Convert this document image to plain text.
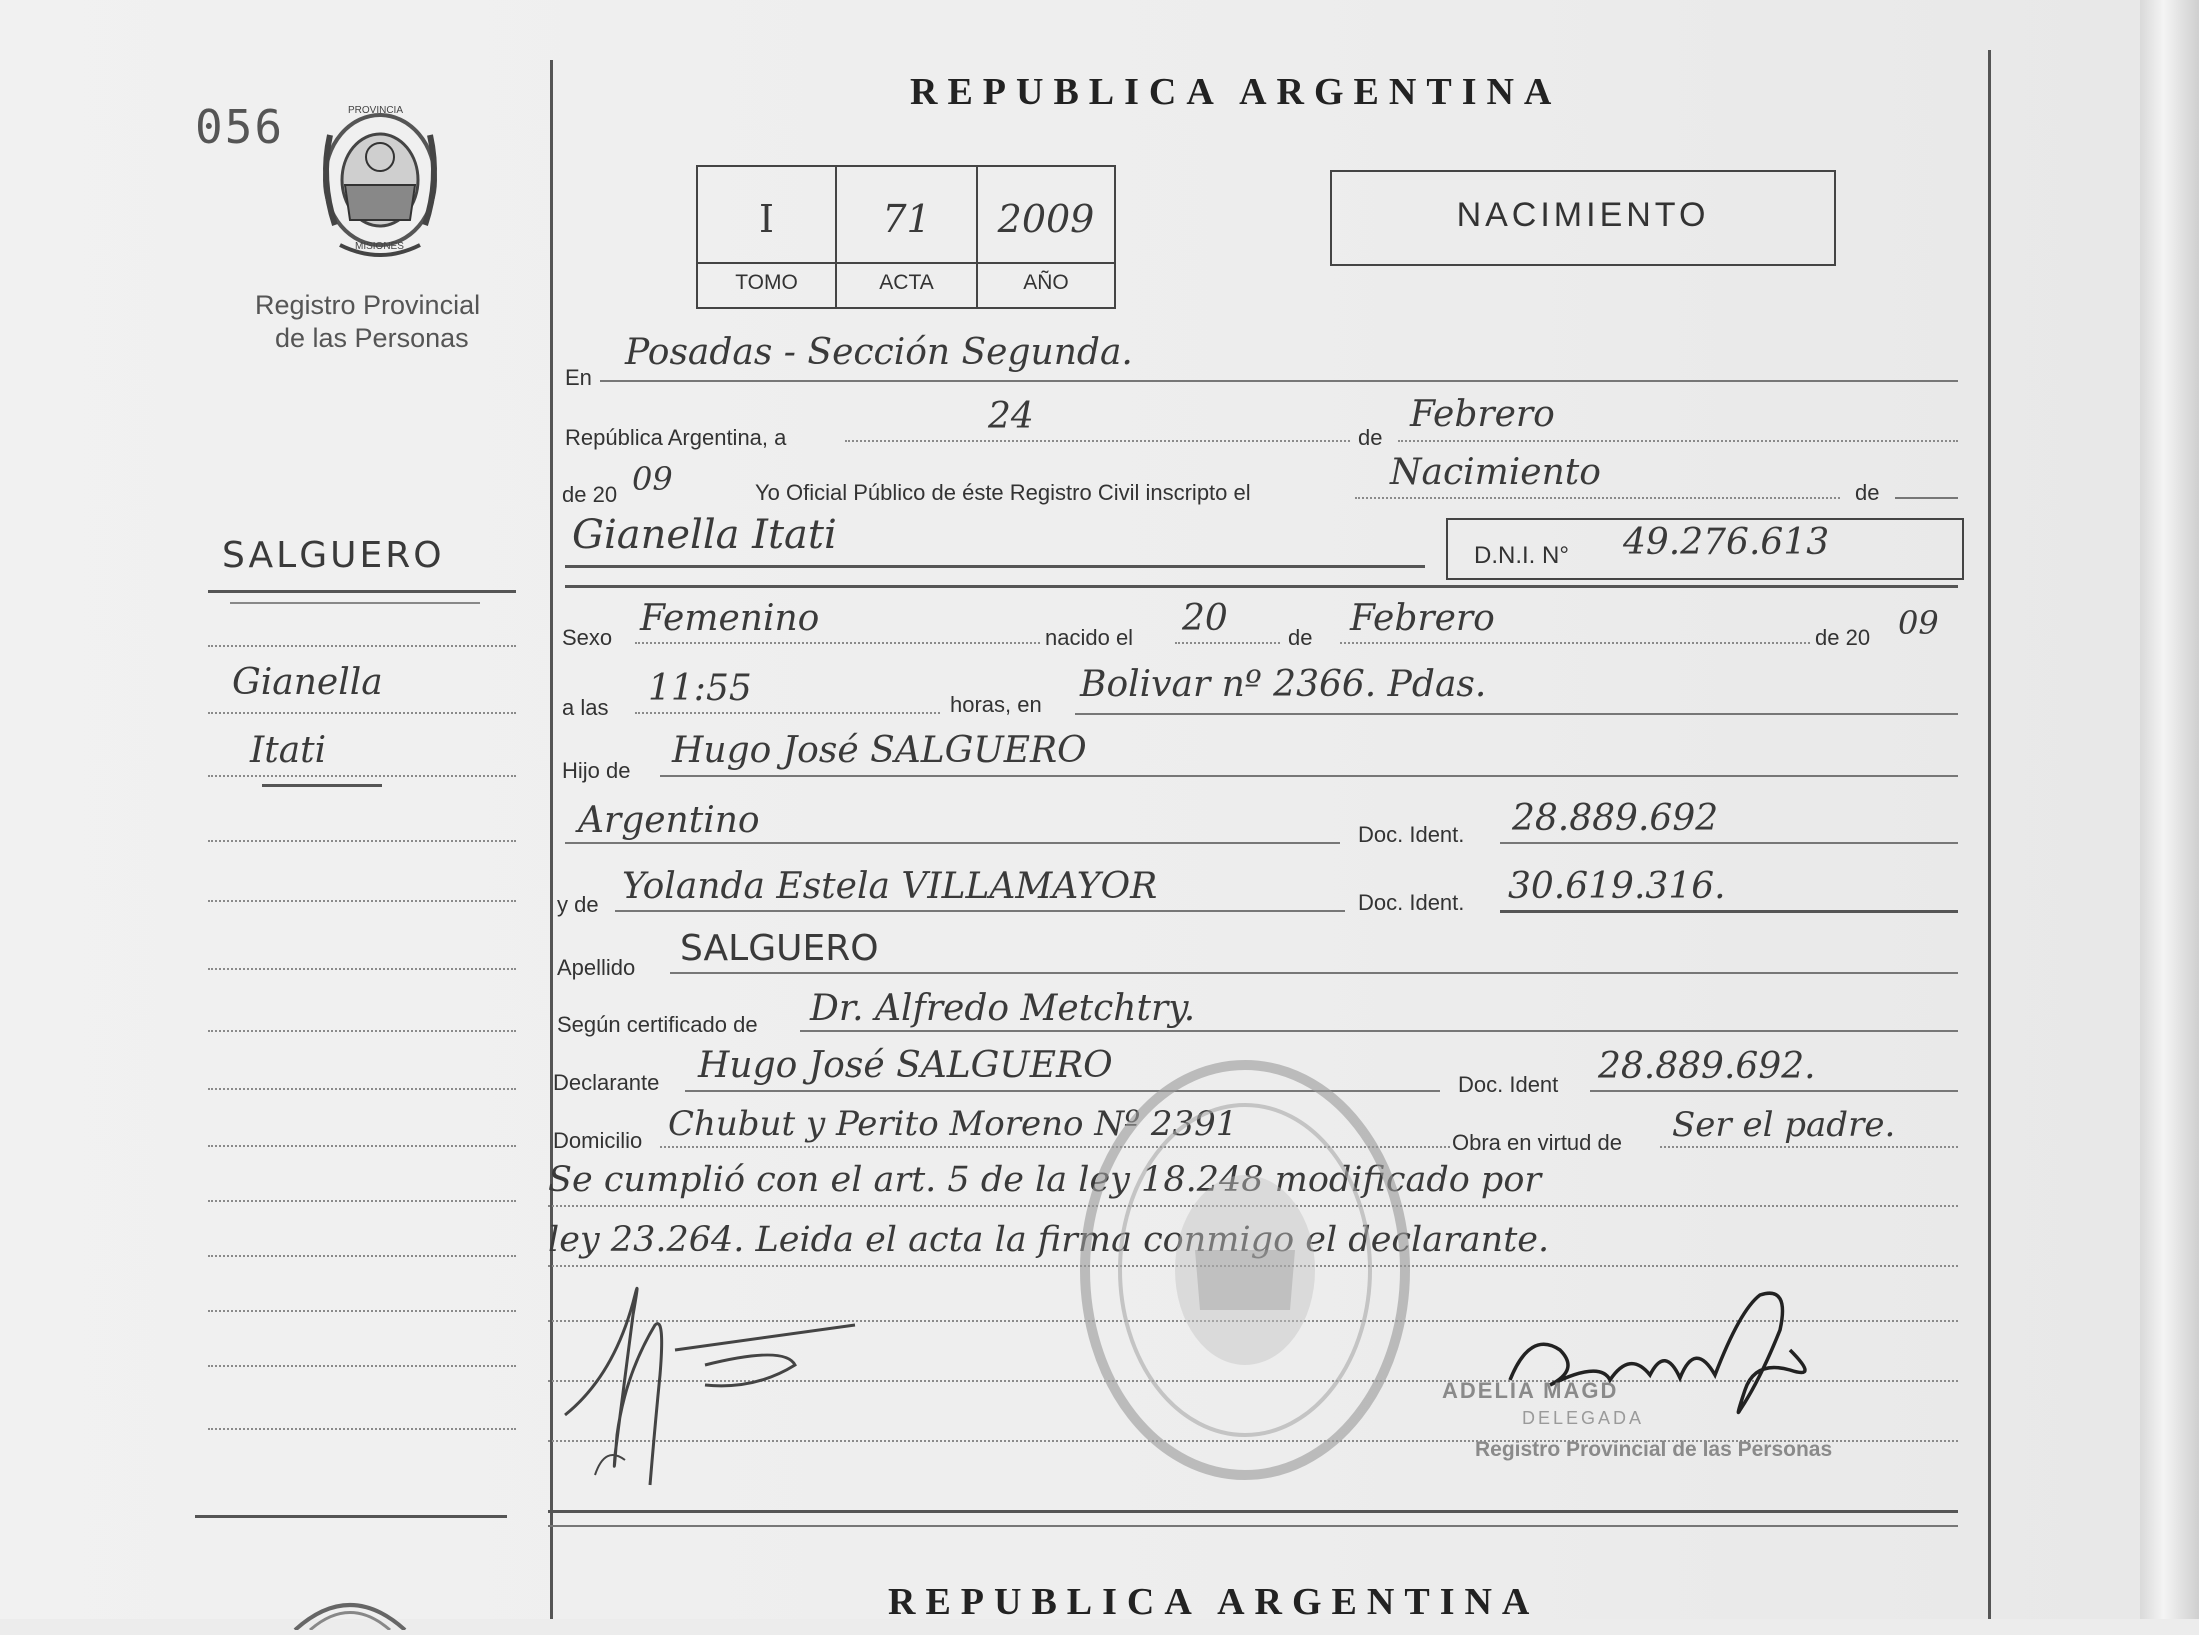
056	PROVINCIA
MISIONES
Registro Provincial
de las Personas
SALGUERO
Gianella
Itati
REPUBLICA ARGENTINA
I	71	2009
TOMO	ACTA	AÑO
NACIMIENTO
En
Posadas - Sección Segunda.
República Argentina, a
24
de
Febrero
de 20 09	Yo Oficial Público de éste Registro Civil inscripto el	Nacimiento	de
Gianella Itati	D.N.I. N° 49.276.613
Sexo Femenino	nacido el 20	de Febrero	de 20 09
a las 11:55	horas, en Bolivar nº 2366. Pdas.
Hijo de Hugo José SALGUERO
Argentino	Doc. Ident. 28.889.692
y de Yolanda Estela VILLAMAYOR	Doc. Ident. 30.619.316.
Apellido SALGUERO
Según certificado de Dr. Alfredo Metchtry.
Declarante Hugo José SALGUERO	Doc. Ident 28.889.692.
Domicilio Chubut y Perito Moreno Nº 2391	Obra en virtud de Ser el padre.
Se cumplió con el art. 5 de la ley 18.248 modificado por
ley 23.264. Leida el acta la firma conmigo el declarante.
ADELIA MAGD
DELEGADA
Registro Provincial de las Personas
REPUBLICA ARGENTINA
